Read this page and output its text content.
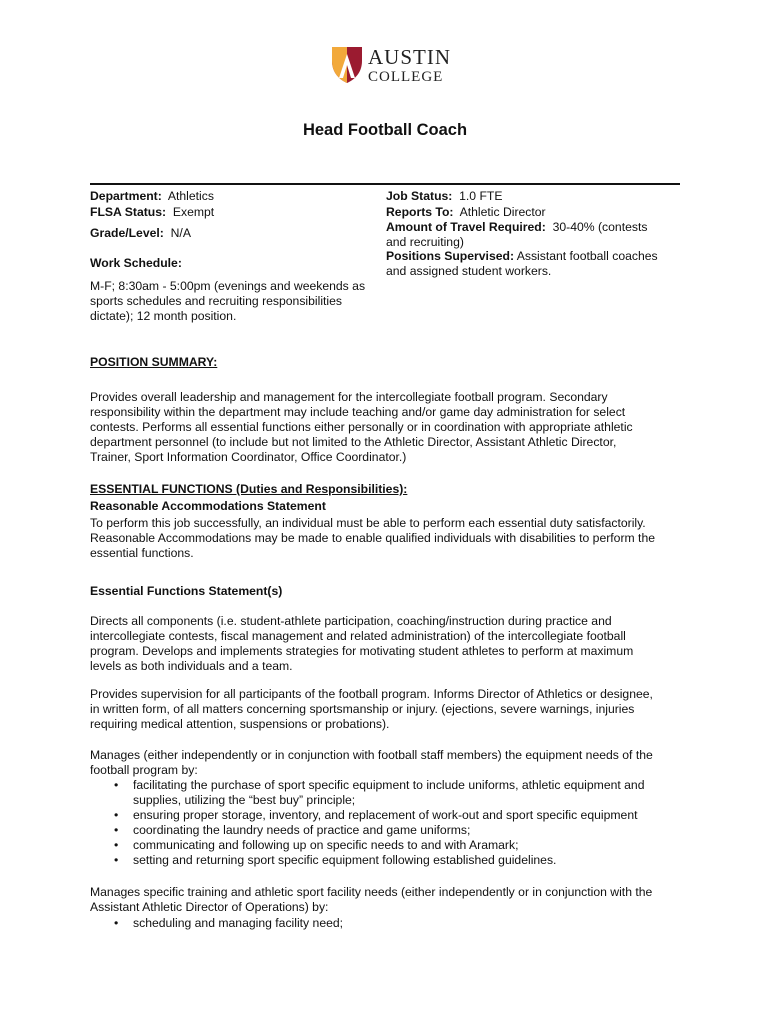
AUSTIN
COLLEGE
Head Football Coach
Department: Athletics
FLSA Status: Exempt
Grade/Level: N/A
Work Schedule:
M-F; 8:30am - 5:00pm (evenings and weekends as
sports schedules and recruiting responsibilities
dictate); 12 month position.
Job Status: 1.0 FTE
Reports To: Athletic Director
Amount of Travel Required: 30-40% (contests
and recruiting)
Positions Supervised: Assistant football coaches
and assigned student workers.
POSITION SUMMARY:
Provides overall leadership and management for the intercollegiate football program. Secondary
responsibility within the department may include teaching and/or game day administration for select
contests. Performs all essential functions either personally or in coordination with appropriate athletic
department personnel (to include but not limited to the Athletic Director, Assistant Athletic Director,
Trainer, Sport Information Coordinator, Office Coordinator.)
ESSENTIAL FUNCTIONS (Duties and Responsibilities):
Reasonable Accommodations Statement
To perform this job successfully, an individual must be able to perform each essential duty satisfactorily.
Reasonable Accommodations may be made to enable qualified individuals with disabilities to perform the
essential functions.
Essential Functions Statement(s)
Directs all components (i.e. student-athlete participation, coaching/instruction during practice and
intercollegiate contests, fiscal management and related administration) of the intercollegiate football
program. Develops and implements strategies for motivating student athletes to perform at maximum
levels as both individuals and a team.
Provides supervision for all participants of the football program. Informs Director of Athletics or designee,
in written form, of all matters concerning sportsmanship or injury. (ejections, severe warnings, injuries
requiring medical attention, suspensions or probations).
Manages (either independently or in conjunction with football staff members) the equipment needs of the
football program by:
• facilitating the purchase of sport specific equipment to include uniforms, athletic equipment and
supplies, utilizing the “best buy” principle;
• ensuring proper storage, inventory, and replacement of work-out and sport specific equipment
• coordinating the laundry needs of practice and game uniforms;
• communicating and following up on specific needs to and with Aramark;
• setting and returning sport specific equipment following established guidelines.
Manages specific training and athletic sport facility needs (either independently or in conjunction with the
Assistant Athletic Director of Operations) by:
• scheduling and managing facility need;
